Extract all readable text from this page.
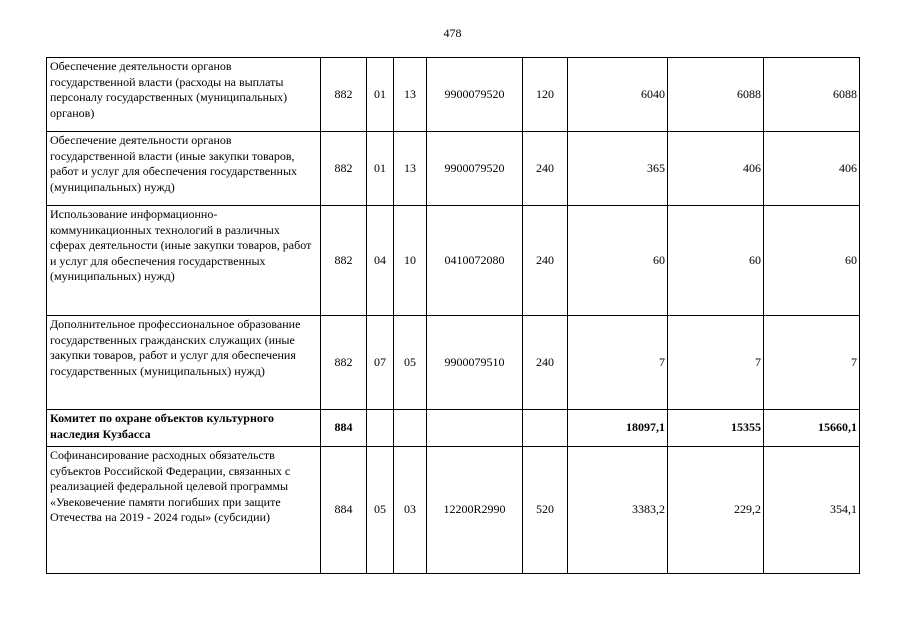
478
Обеспечение деятельности органов государственной власти (расходы на выплаты персоналу государственных (муниципальных) органов)	882	01	13	9900079520	120	6040	6088	6088
Обеспечение деятельности органов государственной власти (иные закупки товаров, работ и услуг для обеспечения государственных (муниципальных) нужд)	882	01	13	9900079520	240	365	406	406
Использование информационно-коммуникационных технологий в различных сферах деятельности (иные закупки товаров, работ и услуг для обеспечения государственных (муниципальных) нужд)	882	04	10	0410072080	240	60	60	60
Дополнительное профессиональное образование государственных гражданских служащих (иные закупки товаров, работ и услуг для обеспечения государственных (муниципальных) нужд)	882	07	05	9900079510	240	7	7	7
Комитет по охране объектов культурного наследия Кузбасса	884					18097,1	15355	15660,1
Софинансирование расходных обязательств субъектов Российской Федерации, связанных с реализацией федеральной целевой программы «Увековечение памяти погибших при защите Отечества на 2019 - 2024 годы» (субсидии)	884	05	03	12200R2990	520	3383,2	229,2	354,1
